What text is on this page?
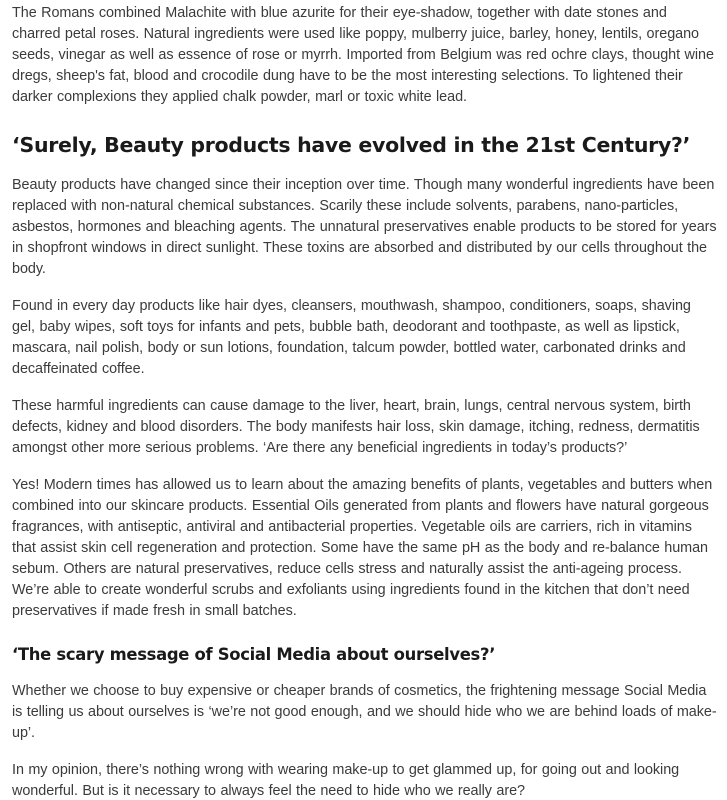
The Romans combined Malachite with blue azurite for their eye-shadow, together with date stones and charred petal roses. Natural ingredients were used like poppy, mulberry juice, barley, honey, lentils, oregano seeds, vinegar as well as essence of rose or myrrh. Imported from Belgium was red ochre clays, thought wine dregs, sheep's fat, blood and crocodile dung have to be the most interesting selections. To lightened their darker complexions they applied chalk powder, marl or toxic white lead.

‘Surely, Beauty products have evolved in the 21st Century?’

Beauty products have changed since their inception over time. Though many wonderful ingredients have been replaced with non-natural chemical substances. Scarily these include solvents, parabens, nano-particles, asbestos, hormones and bleaching agents. The unnatural preservatives enable products to be stored for years in shopfront windows in direct sunlight. These toxins are absorbed and distributed by our cells throughout the body.

Found in every day products like hair dyes, cleansers, mouthwash, shampoo, conditioners, soaps, shaving gel, baby wipes, soft toys for infants and pets, bubble bath, deodorant and toothpaste, as well as lipstick, mascara, nail polish, body or sun lotions, foundation, talcum powder, bottled water, carbonated drinks and decaffeinated coffee.

These harmful ingredients can cause damage to the liver, heart, brain, lungs, central nervous system, birth defects, kidney and blood disorders. The body manifests hair loss, skin damage, itching, redness, dermatitis amongst other more serious problems. ‘Are there any beneficial ingredients in today’s products?’

Yes! Modern times has allowed us to learn about the amazing benefits of plants, vegetables and butters when combined into our skincare products. Essential Oils generated from plants and flowers have natural gorgeous fragrances, with antiseptic, antiviral and antibacterial properties. Vegetable oils are carriers, rich in vitamins that assist skin cell regeneration and protection. Some have the same pH as the body and re-balance human sebum. Others are natural preservatives, reduce cells stress and naturally assist the anti-ageing process. We’re able to create wonderful scrubs and exfoliants using ingredients found in the kitchen that don’t need preservatives if made fresh in small batches.

‘The scary message of Social Media about ourselves?’

Whether we choose to buy expensive or cheaper brands of cosmetics, the frightening message Social Media is telling us about ourselves is ‘we’re not good enough, and we should hide who we are behind loads of make-up’.

In my opinion, there’s nothing wrong with wearing make-up to get glammed up, for going out and looking wonderful. But is it necessary to always feel the need to hide who we really are?
